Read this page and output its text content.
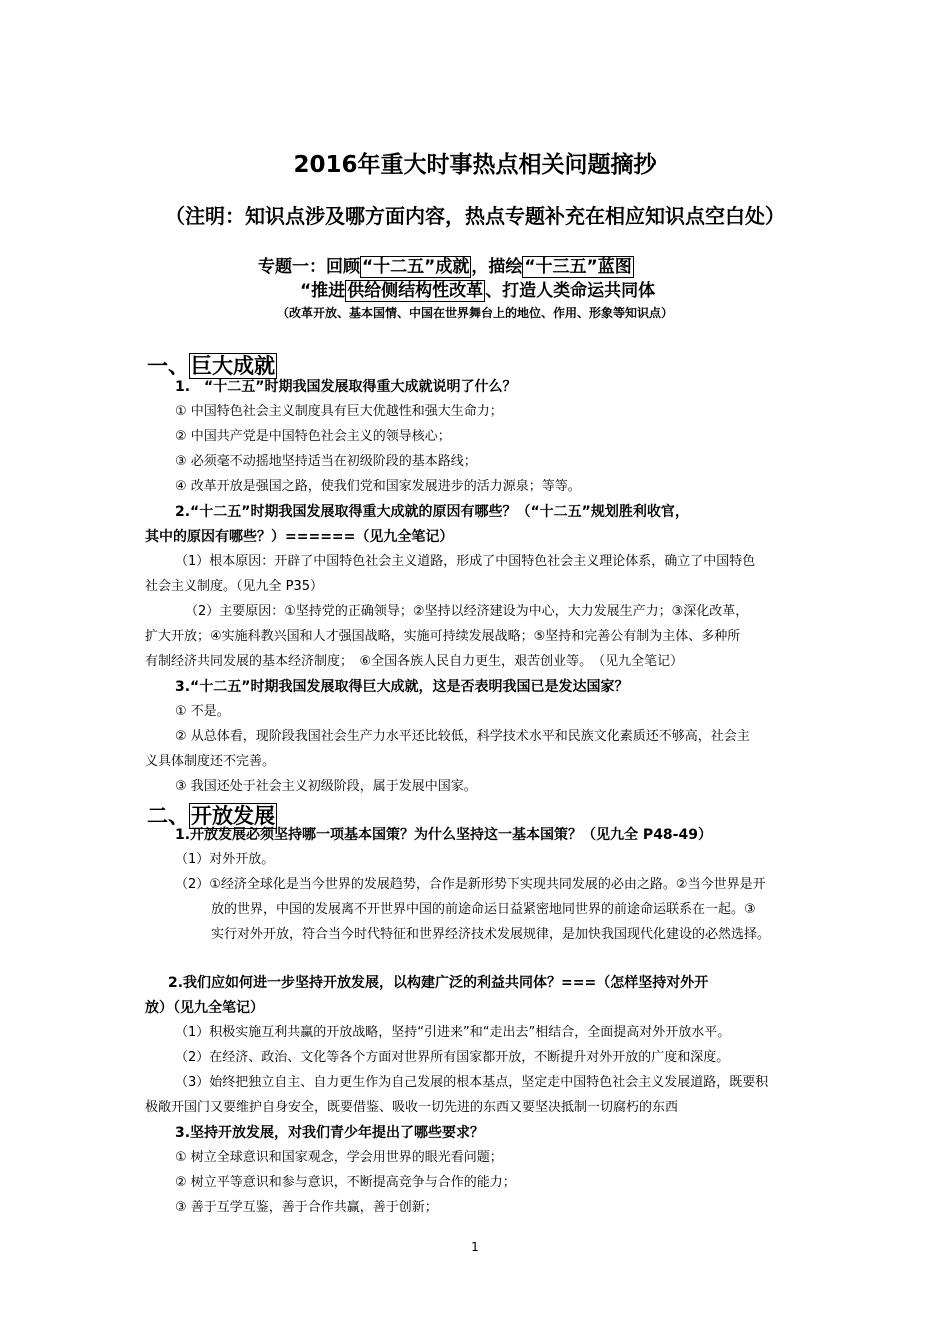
2016年重大时事热点相关问题摘抄
（注明：知识点涉及哪方面内容，热点专题补充在相应知识点空白处）
专题一：回顾 “十二五”成就 ，描绘 “十三五”蓝图
“推进 供给侧结构性改革 、打造人类命运共同体
（改革开放、基本国情、中国在世界舞台上的地位、作用、形象等知识点）
一、巨大成就
1.　“十二五”时期我国发展取得重大成就说明了什么？
① 中国特色社会主义制度具有巨大优越性和强大生命力；
② 中国共产党是中国特色社会主义的领导核心；
③ 必须毫不动摇地坚持适当在初级阶段的基本路线；
④ 改革开放是强国之路，使我们党和国家发展进步的活力源泉；等等。
2.“十二五”时期我国发展取得重大成就的原因有哪些？（“十二五”规划胜利收官，
其中的原因有哪些？）======（见九全笔记）
（1）根本原因：开辟了中国特色社会主义道路，形成了中国特色社会主义理论体系，确立了中国特色
社会主义制度。（见九全 P35）
（2）主要原因：①坚持党的正确领导；②坚持以经济建设为中心，大力发展生产力；③深化改革，
扩大开放；④实施科教兴国和人才强国战略，实施可持续发展战略；⑤坚持和完善公有制为主体、多种所
有制经济共同发展的基本经济制度；　⑥全国各族人民自力更生，艰苦创业等。　（见九全笔记）
3.“十二五”时期我国发展取得巨大成就，这是否表明我国已是发达国家？
① 不是。
② 从总体看，现阶段我国社会生产力水平还比较低，科学技术水平和民族文化素质还不够高，社会主
义具体制度还不完善。
③ 我国还处于社会主义初级阶段，属于发展中国家。
二、开放发展
1.开放发展必须坚持哪一项基本国策？为什么坚持这一基本国策？（见九全 P48-49）
（1）对外开放。
（2）①经济全球化是当今世界的发展趋势，合作是新形势下实现共同发展的必由之路。②当今世界是开
放的世界，中国的发展离不开世界中国的前途命运日益紧密地同世界的前途命运联系在一起。③
实行对外开放，符合当今时代特征和世界经济技术发展规律，是加快我国现代化建设的必然选择。
2.我们应如何进一步坚持开放发展，以构建广泛的利益共同体？===（怎样坚持对外开
放）（见九全笔记）
（1）积极实施互利共赢的开放战略，坚持“引进来”和“走出去”相结合，全面提高对外开放水平。
（2）在经济、政治、文化等各个方面对世界所有国家都开放，不断提升对外开放的广度和深度。
（3）始终把独立自主、自力更生作为自己发展的根本基点，坚定走中国特色社会主义发展道路，既要积
极敞开国门又要维护自身安全，既要借鉴、吸收一切先进的东西又要坚决抵制一切腐朽的东西
3.坚持开放发展，对我们青少年提出了哪些要求？
① 树立全球意识和国家观念，学会用世界的眼光看问题；
② 树立平等意识和参与意识，不断提高竞争与合作的能力；
③ 善于互学互鉴，善于合作共赢，善于创新；
1
